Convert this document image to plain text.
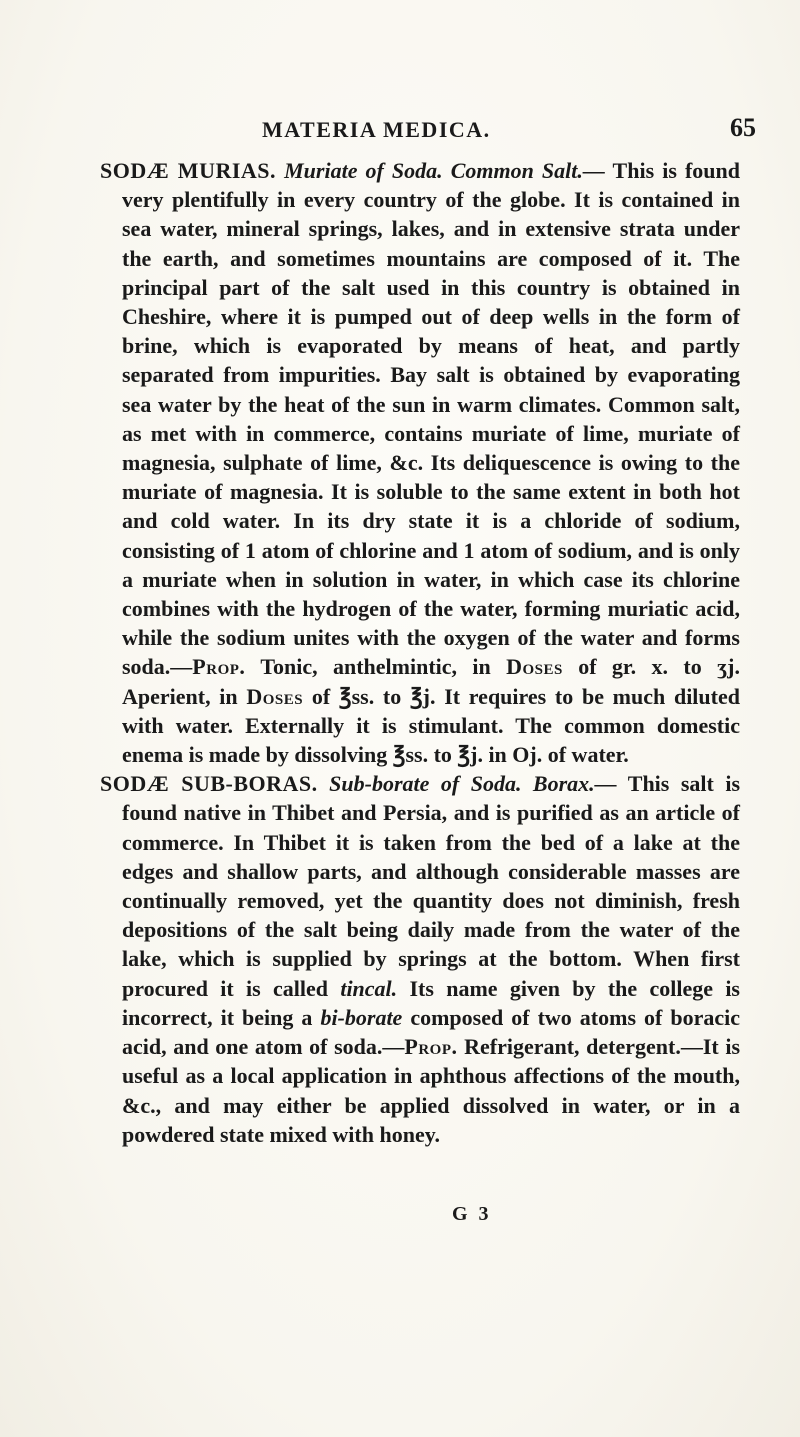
MATERIA MEDICA.	65

SODÆ MURIAS. Muriate of Soda. Common Salt.— This is found very plentifully in every country of the globe. It is contained in sea water, mineral springs, lakes, and in extensive strata under the earth, and sometimes mountains are composed of it. The principal part of the salt used in this country is obtained in Cheshire, where it is pumped out of deep wells in the form of brine, which is evaporated by means of heat, and partly separated from impurities. Bay salt is obtained by evaporating sea water by the heat of the sun in warm climates. Common salt, as met with in commerce, contains muriate of lime, muriate of magnesia, sulphate of lime, &c. Its deliquescence is owing to the muriate of magnesia. It is soluble to the same extent in both hot and cold water. In its dry state it is a chloride of sodium, consisting of 1 atom of chlorine and 1 atom of sodium, and is only a muriate when in solution in water, in which case its chlorine combines with the hydrogen of the water, forming muriatic acid, while the sodium unites with the oxygen of the water and forms soda.—Prop. Tonic, anthelmintic, in Doses of gr. x. to ʒj. Aperient, in Doses of ℥ss. to ℥j. It requires to be much diluted with water. Externally it is stimulant. The common domestic enema is made by dissolving ℥ss. to ℥j. in Oj. of water.

SODÆ SUB-BORAS. Sub-borate of Soda. Borax.— This salt is found native in Thibet and Persia, and is purified as an article of commerce. In Thibet it is taken from the bed of a lake at the edges and shallow parts, and although considerable masses are continually removed, yet the quantity does not diminish, fresh depositions of the salt being daily made from the water of the lake, which is supplied by springs at the bottom. When first procured it is called tincal. Its name given by the college is incorrect, it being a bi-borate composed of two atoms of boracic acid, and one atom of soda.—Prop. Refrigerant, detergent.—It is useful as a local application in aphthous affections of the mouth, &c., and may either be applied dissolved in water, or in a powdered state mixed with honey.

G 3
